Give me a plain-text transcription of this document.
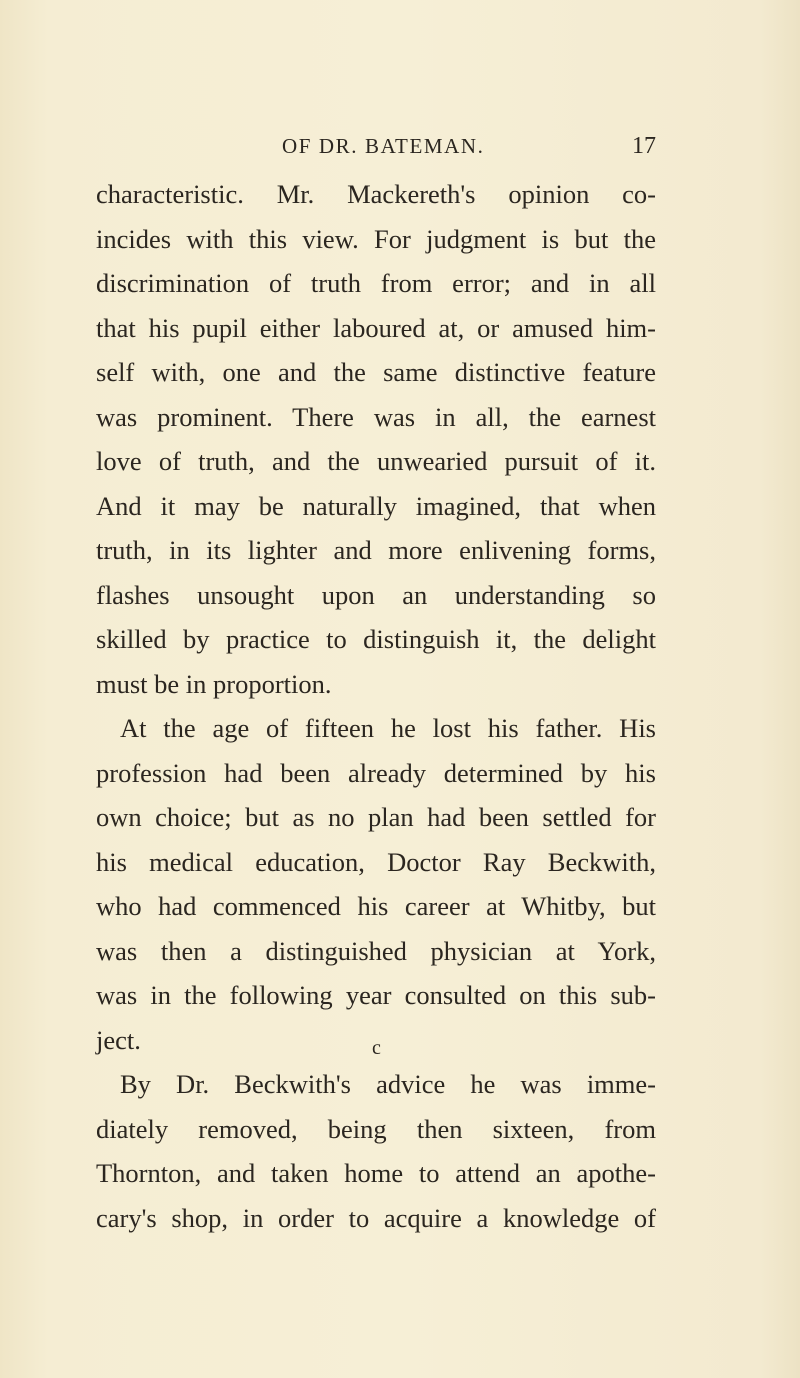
OF DR. BATEMAN.	17
characteristic. Mr. Mackereth's opinion co-
incides with this view. For judgment is but the
discrimination of truth from error; and in all
that his pupil either laboured at, or amused him-
self with, one and the same distinctive feature
was prominent. There was in all, the earnest
love of truth, and the unwearied pursuit of it.
And it may be naturally imagined, that when
truth, in its lighter and more enlivening forms,
flashes unsought upon an understanding so
skilled by practice to distinguish it, the delight
must be in proportion.
At the age of fifteen he lost his father. His
profession had been already determined by his
own choice; but as no plan had been settled for
his medical education, Doctor Ray Beckwith,
who had commenced his career at Whitby, but
was then a distinguished physician at York,
was in the following year consulted on this sub-
ject.
By Dr. Beckwith's advice he was imme-
diately removed, being then sixteen, from
Thornton, and taken home to attend an apothe-
cary's shop, in order to acquire a knowledge of
c
